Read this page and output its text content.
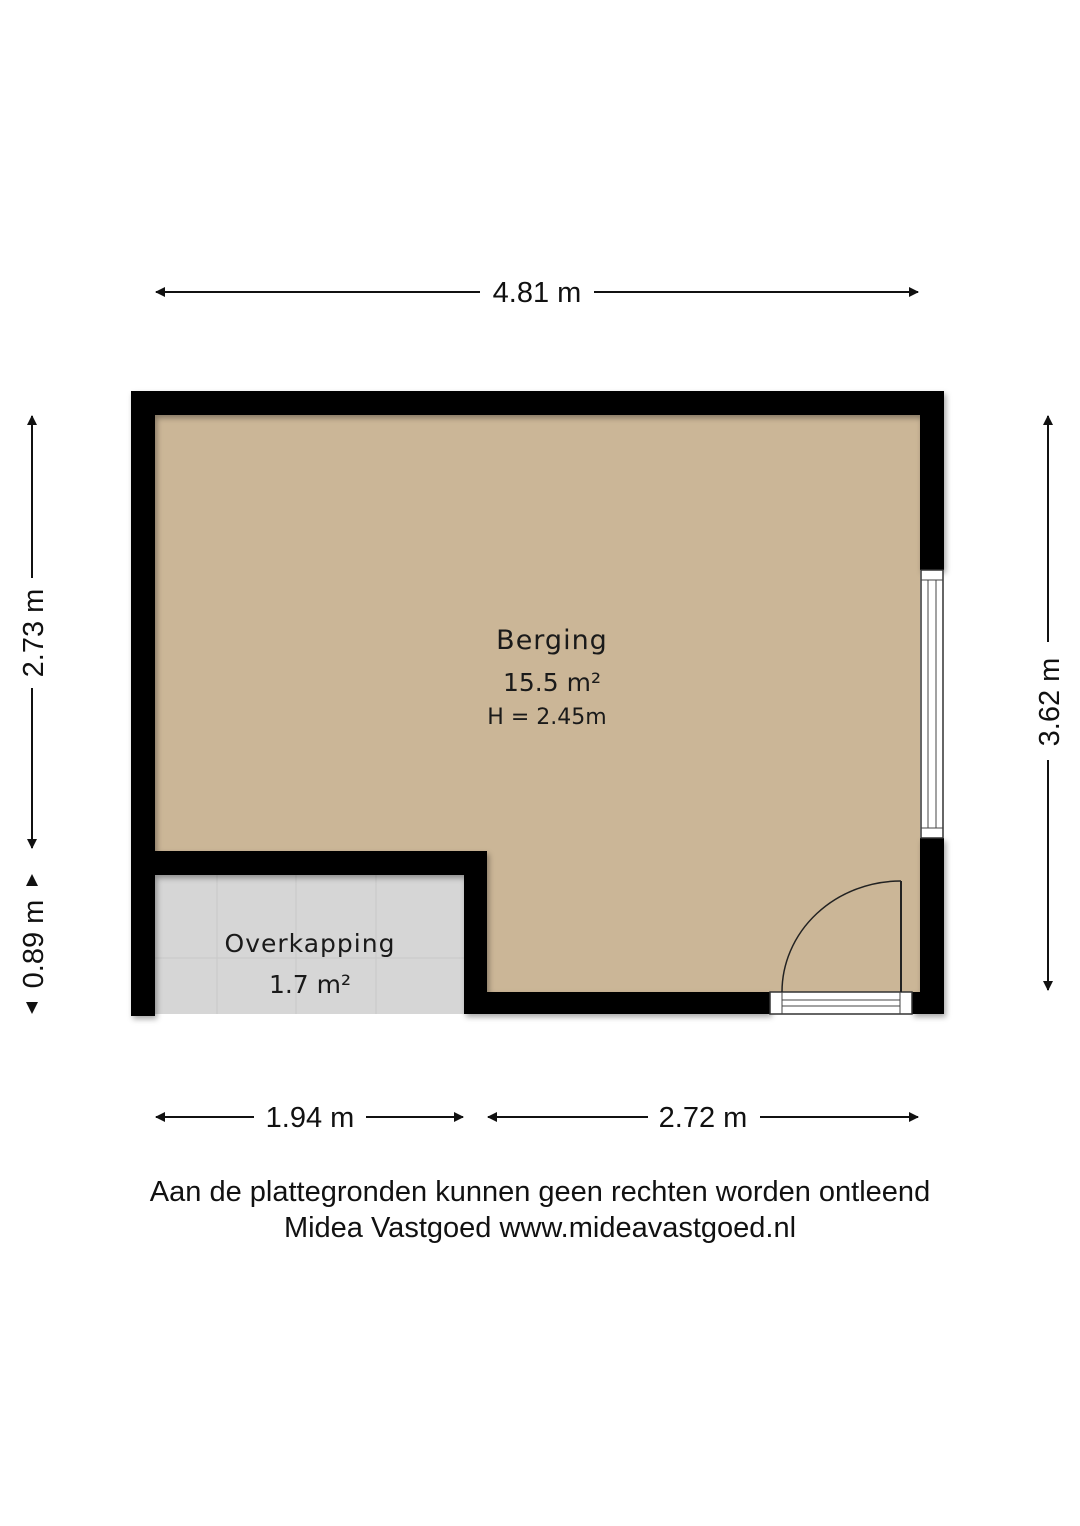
4.81 m
2.73 m
0.89 m
3.62 m
Berging
15.5 m²
H = 2.45m
Overkapping
1.7 m²
1.94 m	2.72 m
Aan de plattegronden kunnen geen rechten worden ontleend
Midea Vastgoed www.mideavastgoed.nl
